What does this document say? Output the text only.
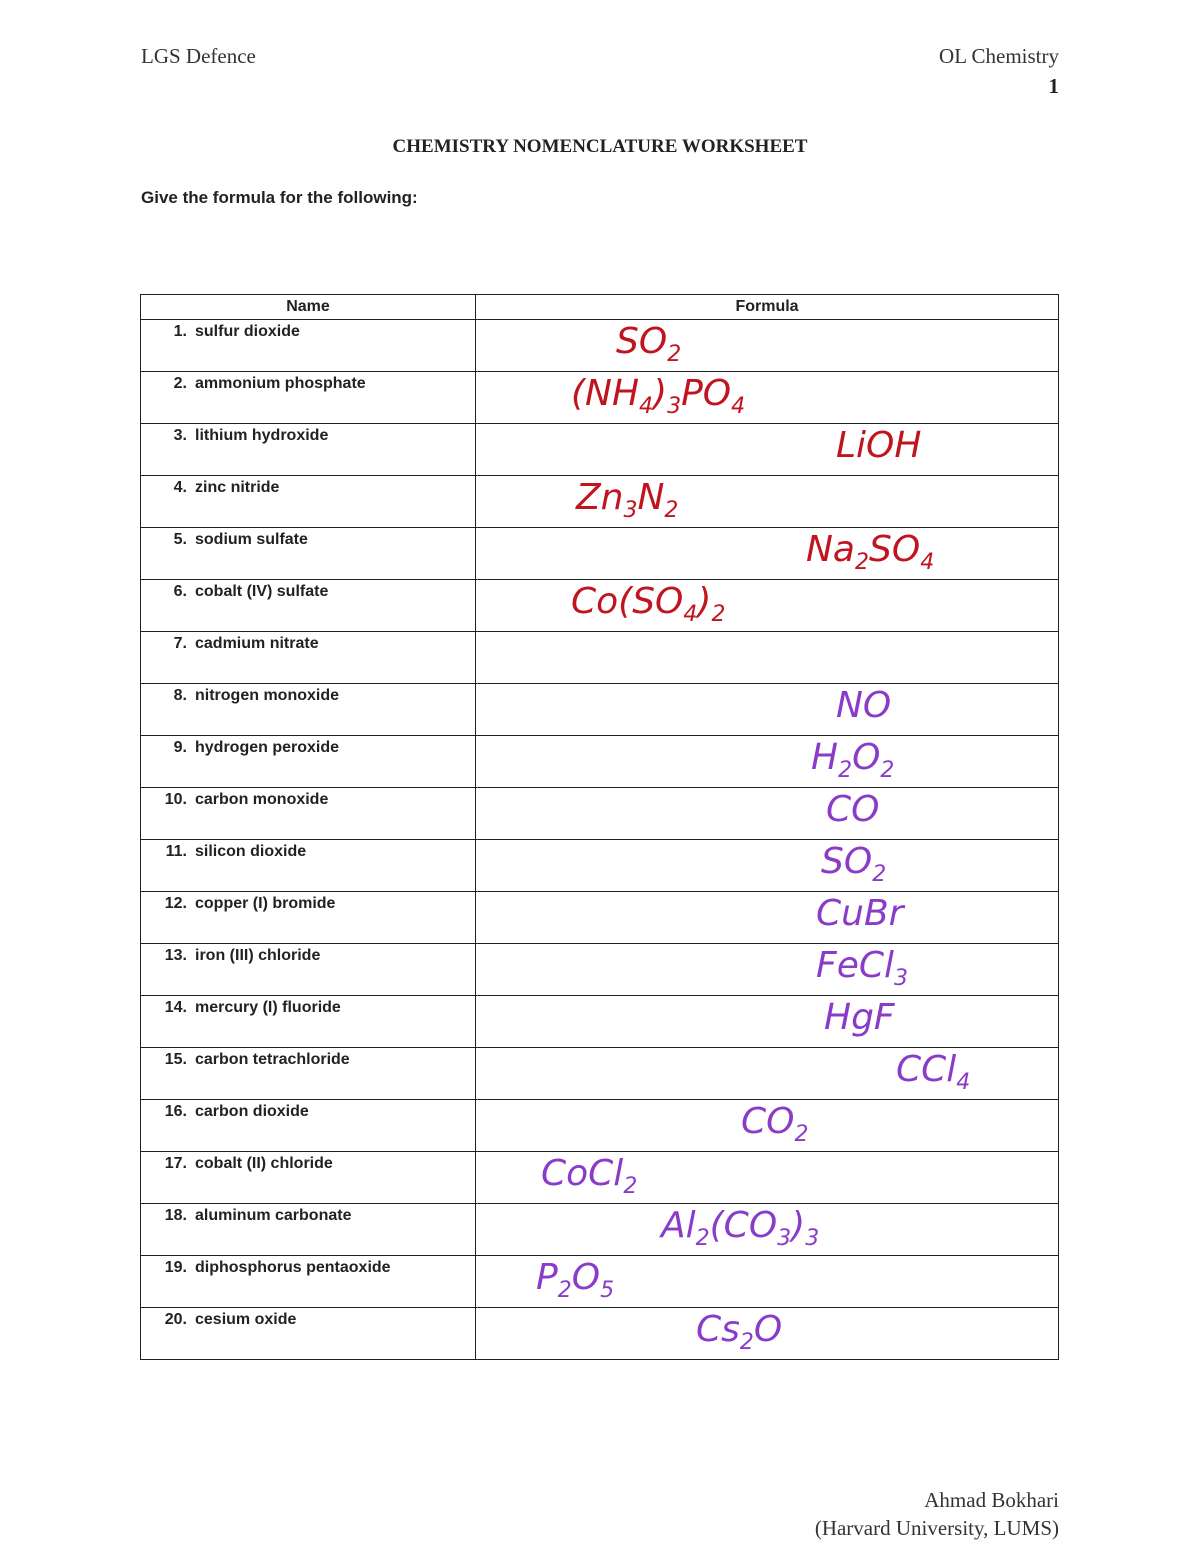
LGS Defence	OL Chemistry
1
CHEMISTRY NOMENCLATURE WORKSHEET
Give the formula for the following:
Name	Formula
1. sulfur dioxide	$SO_2$

2. ammonium phosphate	$(NH_4)_3PO_4$

3. lithium hydroxide	LiOH

4. zinc nitride	$Zn_3N_2$

5. sodium sulfate	$Na_2SO_4$

6. cobalt (IV) sulfate	$Co(SO_4)_2$

7. cadmium nitrate	

8. nitrogen monoxide	NO

9. hydrogen peroxide	$H_2O_2$

10. carbon monoxide	CO

11. silicon dioxide	$SO_2$

12. copper (I) bromide	CuBr

13. iron (III) chloride	FeCl$_3$

14. mercury (I) fluoride	HgF

15. carbon tetrachloride	CCl$_4$

16. carbon dioxide	$CO_2$

17. cobalt (II) chloride	CoCl$_2$

18. aluminum carbonate	$Al_2(CO_3)_3$

19. diphosphorus pentaoxide	$P_2O_5$

20. cesium oxide	$Cs_2O$
Ahmad Bokhari
(Harvard University, LUMS)
